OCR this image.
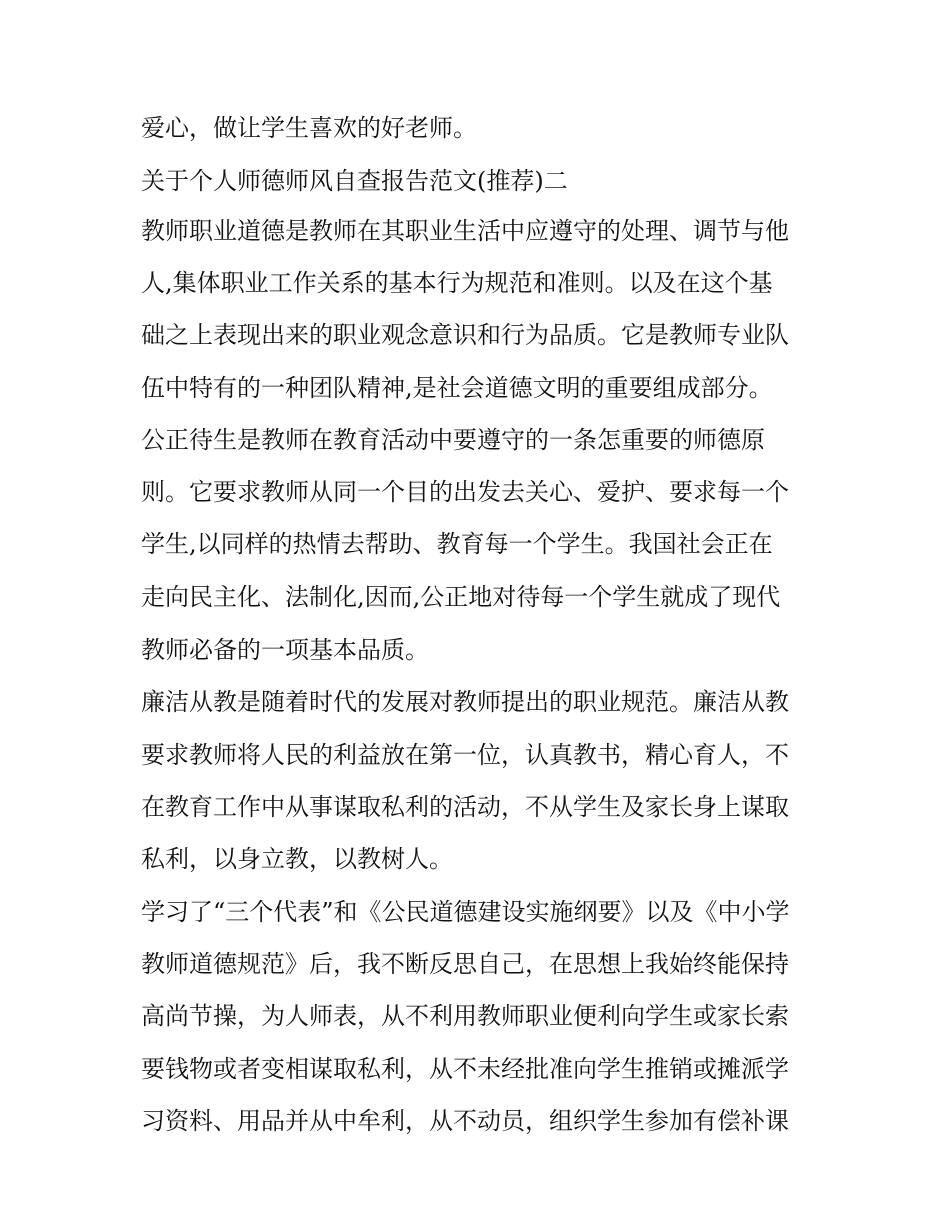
爱心，做让学生喜欢的好老师。
关于个人师德师风自查报告范文(推荐)二
教师职业道德是教师在其职业生活中应遵守的处理、调节与他
人,集体职业工作关系的基本行为规范和准则。以及在这个基
础之上表现出来的职业观念意识和行为品质。它是教师专业队
伍中特有的一种团队精神,是社会道德文明的重要组成部分。
公正待生是教师在教育活动中要遵守的一条怎重要的师德原
则。它要求教师从同一个目的出发去关心、爱护、要求每一个
学生,以同样的热情去帮助、教育每一个学生。我国社会正在
走向民主化、法制化,因而,公正地对待每一个学生就成了现代
教师必备的一项基本品质。
廉洁从教是随着时代的发展对教师提出的职业规范。廉洁从教
要求教师将人民的利益放在第一位，认真教书，精心育人，不
在教育工作中从事谋取私利的活动，不从学生及家长身上谋取
私利，以身立教，以教树人。
学习了“三个代表”和《公民道德建设实施纲要》以及《中小学
教师道德规范》后，我不断反思自己，在思想上我始终能保持
高尚节操，为人师表，从不利用教师职业便利向学生或家长索
要钱物或者变相谋取私利，从不未经批准向学生推销或摊派学
习资料、用品并从中牟利，从不动员，组织学生参加有偿补课
